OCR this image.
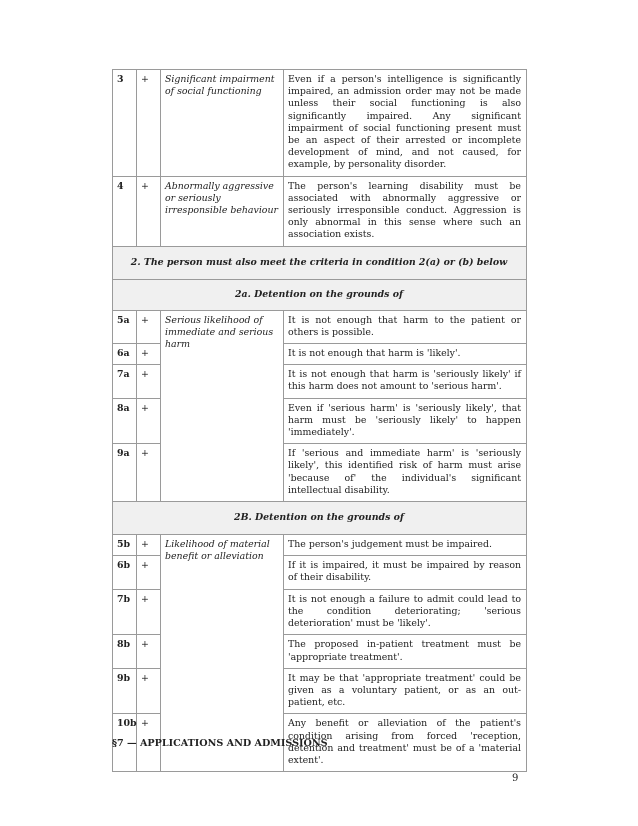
3	+	Significant impairment of social functioning	Even if a person's intelligence is significantly impaired, an admission order may not be made unless their social functioning is also significantly impaired. Any significant impairment of social functioning present must be an aspect of their arrested or incomplete development of mind, and not caused, for example, by personality disorder.
4	+	Abnormally aggressive or seriously irresponsible behaviour	The person's learning disability must be associated with abnormally aggressive or seriously irresponsible conduct. Aggression is only abnormal in this sense where such an association exists.
2. The person must also meet the criteria in condition 2(a) or (b) below			
2a. Detention on the grounds of			
5a	+	Serious likelihood of immediate and serious harm	It is not enough that harm to the patient or others is possible.
6a	+		It is not enough that harm is 'likely'.
7a	+		It is not enough that harm is 'seriously likely' if this harm does not amount to 'serious harm'.
8a	+		Even if 'serious harm' is 'seriously likely', that harm must be 'seriously likely' to happen 'immediately'.
9a	+		If 'serious and immediate harm' is 'seriously likely', this identified risk of harm must arise 'because of' the individual's significant intellectual disability.
2B. Detention on the grounds of			
5b	+	Likelihood of material benefit or alleviation	The person's judgement must be impaired.
6b	+		If it is impaired, it must be impaired by reason of their disability.
7b	+		It is not enough a failure to admit could lead to the condition deteriorating; 'serious deterioration' must be 'likely'.
8b	+		The proposed in-patient treatment must be 'appropriate treatment'.
9b	+		It may be that 'appropriate treatment' could be given as a voluntary patient, or as an out-patient, etc.
10b	+		Any benefit or alleviation of the patient's condition arising from forced 'reception, detention and treatment' must be of a 'material extent'.
§7 — APPLICATIONS AND ADMISSIONS
9
